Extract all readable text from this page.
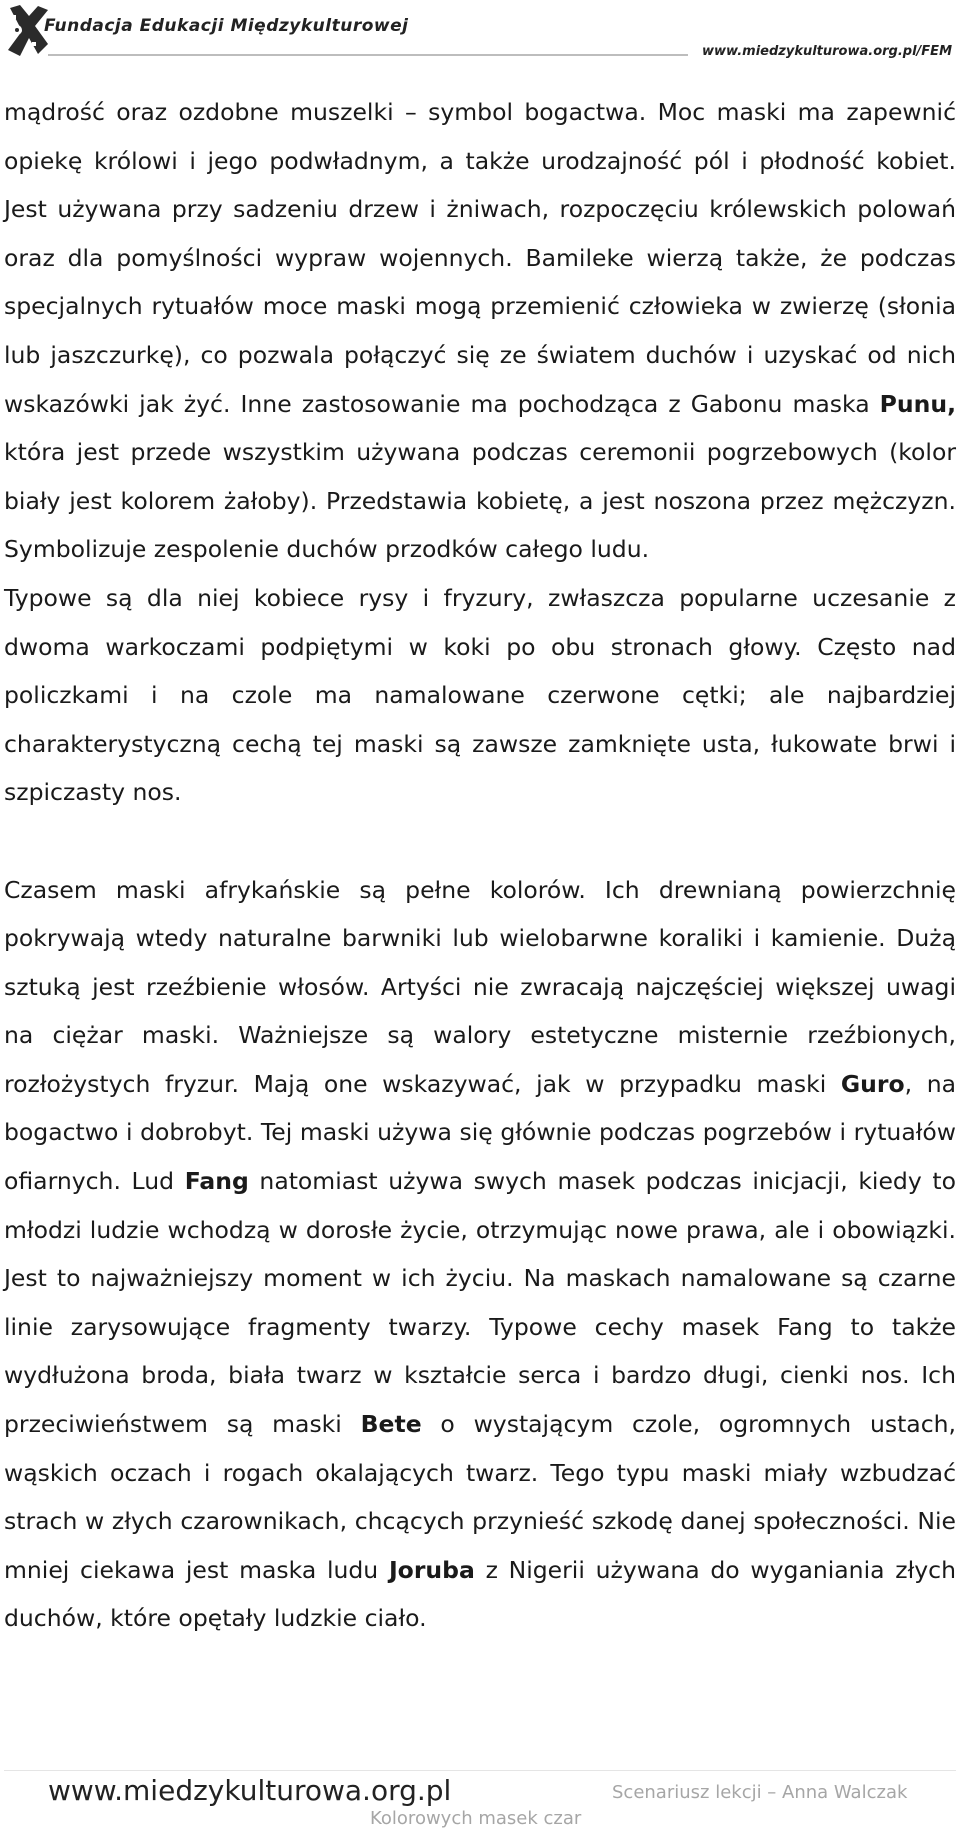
Fundacja Edukacji Międzykulturowej
www.miedzykulturowa.org.pl/FEM

mądrość oraz ozdobne muszelki – symbol bogactwa. Moc maski ma zapewnić opiekę królowi i jego podwładnym, a także urodzajność pól i płodność kobiet. Jest używana przy sadzeniu drzew i żniwach, rozpoczęciu królewskich polowań oraz dla pomyślności wypraw wojennych. Bamileke wierzą także, że podczas specjalnych rytuałów moce maski mogą przemienić człowieka w zwierzę (słonia lub jaszczurkę), co pozwala połączyć się ze światem duchów i uzyskać od nich wskazówki jak żyć. Inne zastosowanie ma pochodząca z Gabonu maska Punu, która jest przede wszystkim używana podczas ceremonii pogrzebowych (kolor biały jest kolorem żałoby). Przedstawia kobietę, a jest noszona przez mężczyzn. Symbolizuje zespolenie duchów przodków całego ludu.

Typowe są dla niej kobiece rysy i fryzury, zwłaszcza popularne uczesanie z dwoma warkoczami podpiętymi w koki po obu stronach głowy. Często nad policzkami i na czole ma namalowane czerwone cętki; ale najbardziej charakterystyczną cechą tej maski są zawsze zamknięte usta, łukowate brwi i szpiczasty nos.

Czasem maski afrykańskie są pełne kolorów. Ich drewnianą powierzchnię pokrywają wtedy naturalne barwniki lub wielobarwne koraliki i kamienie. Dużą sztuką jest rzeźbienie włosów. Artyści nie zwracają najczęściej większej uwagi na ciężar maski. Ważniejsze są walory estetyczne misternie rzeźbionych, rozłożystych fryzur. Mają one wskazywać, jak w przypadku maski Guro, na bogactwo i dobrobyt. Tej maski używa się głównie podczas pogrzebów i rytuałów ofiarnych. Lud Fang natomiast używa swych masek podczas inicjacji, kiedy to młodzi ludzie wchodzą w dorosłe życie, otrzymując nowe prawa, ale i obowiązki. Jest to najważniejszy moment w ich życiu. Na maskach namalowane są czarne linie zarysowujące fragmenty twarzy. Typowe cechy masek Fang to także wydłużona broda, biała twarz w kształcie serca i bardzo długi, cienki nos. Ich przeciwieństwem są maski Bete o wystającym czole, ogromnych ustach, wąskich oczach i rogach okalających twarz. Tego typu maski miały wzbudzać strach w złych czarownikach, chcących przynieść szkodę danej społeczności. Nie mniej ciekawa jest maska ludu Joruba z Nigerii używana do wyganiania złych duchów, które opętały ludzkie ciało.

www.miedzykulturowa.org.pl	Scenariusz lekcji – Anna Walczak
Kolorowych masek czar
